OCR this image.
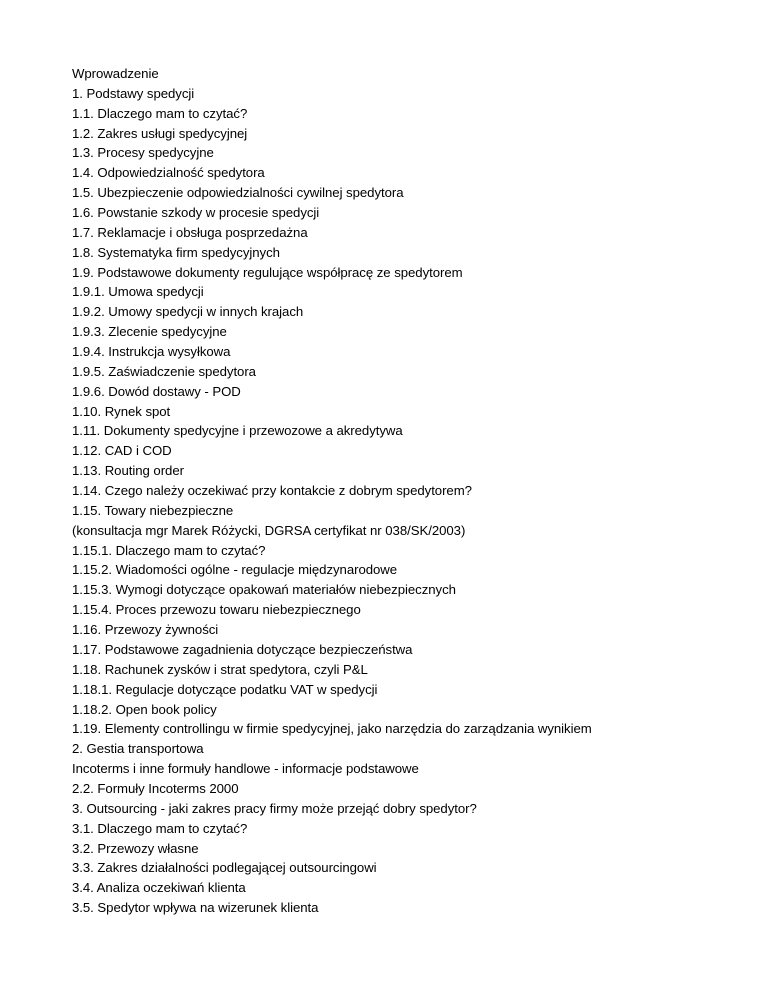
Wprowadzenie
1. Podstawy spedycji
1.1. Dlaczego mam to czytać?
1.2. Zakres usługi spedycyjnej
1.3. Procesy spedycyjne
1.4. Odpowiedzialność spedytora
1.5. Ubezpieczenie odpowiedzialności cywilnej spedytora
1.6. Powstanie szkody w procesie spedycji
1.7. Reklamacje i obsługa posprzedażna
1.8. Systematyka firm spedycyjnych
1.9. Podstawowe dokumenty regulujące współpracę ze spedytorem
1.9.1. Umowa spedycji
1.9.2. Umowy spedycji w innych krajach
1.9.3. Zlecenie spedycyjne
1.9.4. Instrukcja wysyłkowa
1.9.5. Zaświadczenie spedytora
1.9.6. Dowód dostawy - POD
1.10. Rynek spot
1.11. Dokumenty spedycyjne i przewozowe a akredytywa
1.12. CAD i COD
1.13. Routing order
1.14. Czego należy oczekiwać przy kontakcie z dobrym spedytorem?
1.15. Towary niebezpieczne
(konsultacja mgr Marek Różycki, DGRSA certyfikat nr 038/SK/2003)
1.15.1. Dlaczego mam to czytać?
1.15.2. Wiadomości ogólne - regulacje międzynarodowe
1.15.3. Wymogi dotyczące opakowań materiałów niebezpiecznych
1.15.4. Proces przewozu towaru niebezpiecznego
1.16. Przewozy żywności
1.17. Podstawowe zagadnienia dotyczące bezpieczeństwa
1.18. Rachunek zysków i strat spedytora, czyli P&L
1.18.1. Regulacje dotyczące podatku VAT w spedycji
1.18.2. Open book policy
1.19. Elementy controllingu w firmie spedycyjnej, jako narzędzia do zarządzania wynikiem
2. Gestia transportowa
Incoterms i inne formuły handlowe - informacje podstawowe
2.2. Formuły Incoterms 2000
3. Outsourcing - jaki zakres pracy firmy może przejąć dobry spedytor?
3.1. Dlaczego mam to czytać?
3.2. Przewozy własne
3.3. Zakres działalności podlegającej outsourcingowi
3.4. Analiza oczekiwań klienta
3.5. Spedytor wpływa na wizerunek klienta
